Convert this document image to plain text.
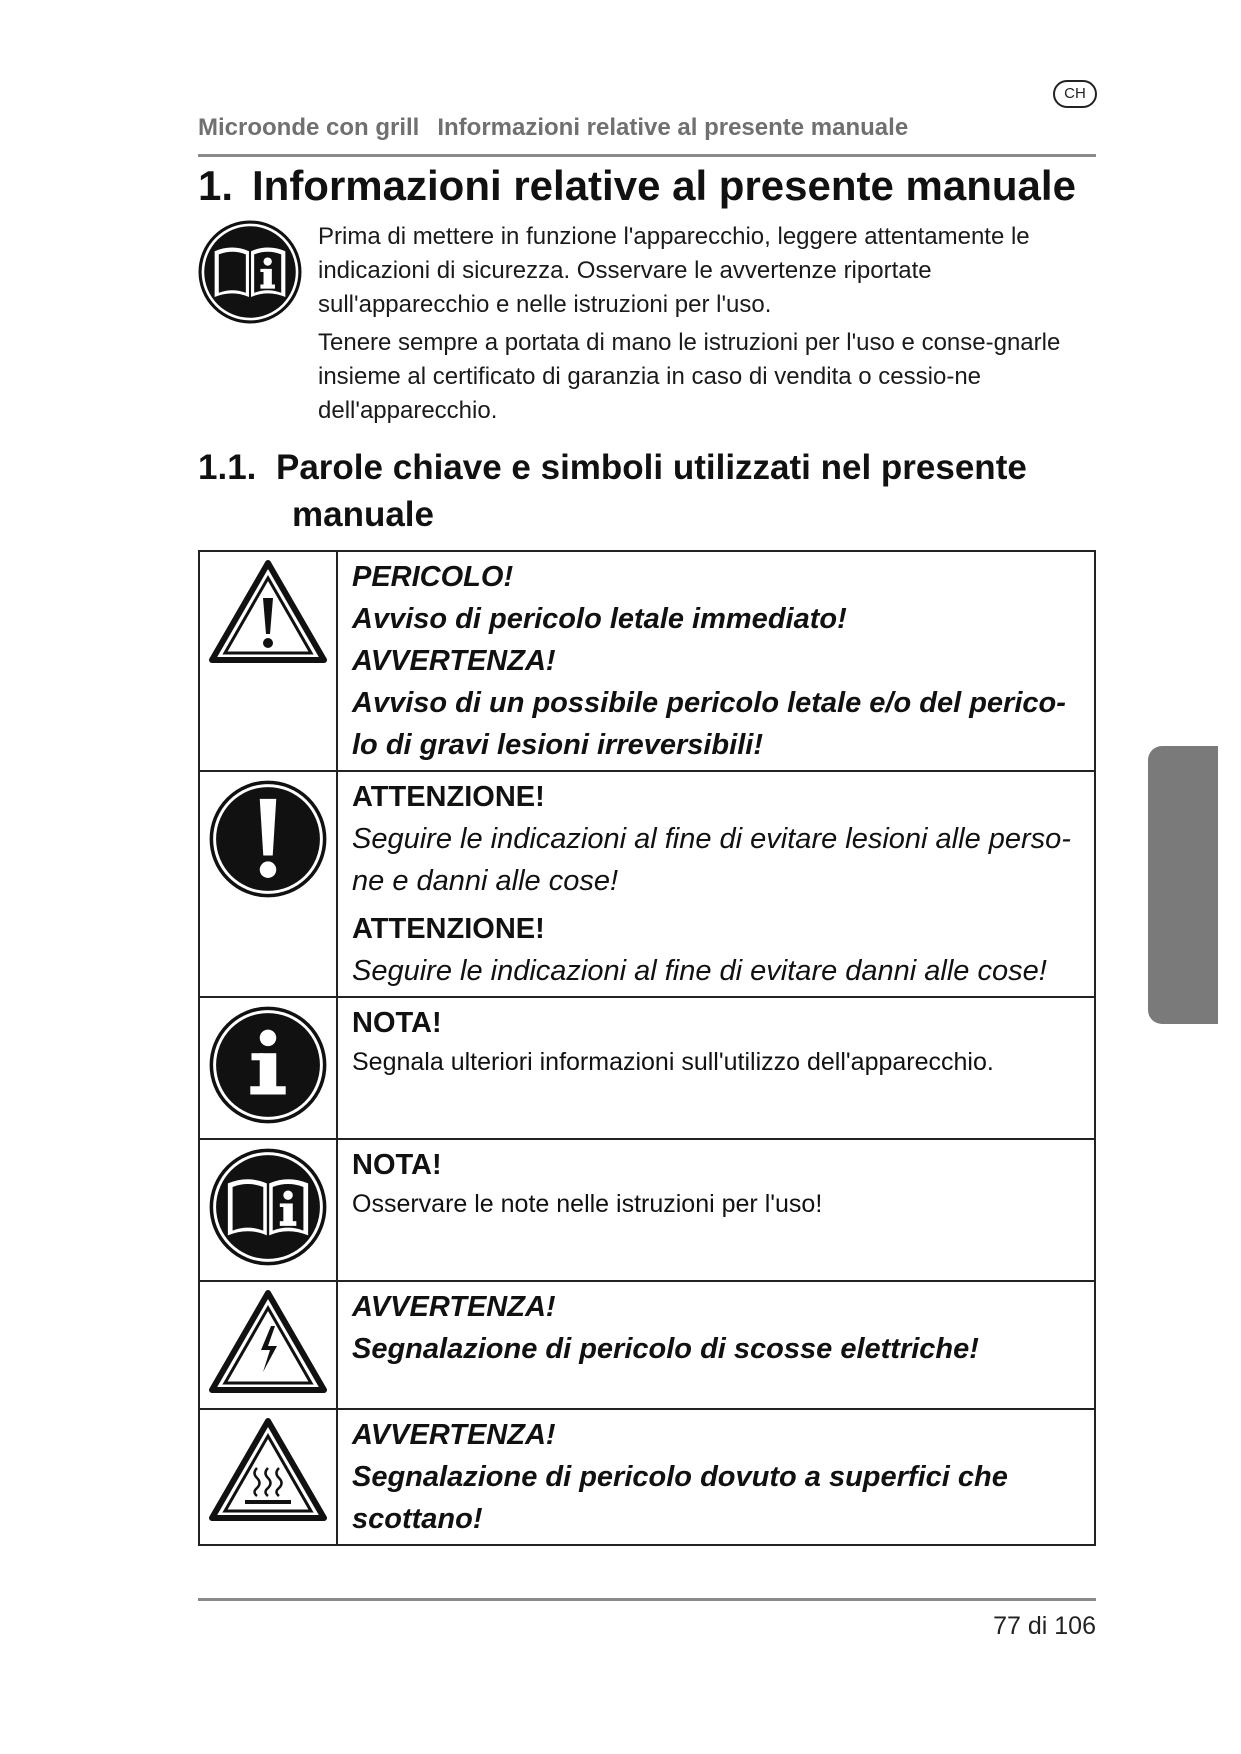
CH
Microonde con grill Informazioni relative al presente manuale
1. Informazioni relative al presente manuale

Prima di mettere in funzione l'apparecchio, leggere attentamente le indicazioni di sicurezza. Osservare le avvertenze riportate sull'apparecchio e nelle istruzioni per l'uso.

Tenere sempre a portata di mano le istruzioni per l'uso e conse-gnarle insieme al certificato di garanzia in caso di vendita o cessio-ne dell'apparecchio.

1.1. Parole chiave e simboli utilizzati nel presente
manuale

PERICOLO!
Avviso di pericolo letale immediato!
AVVERTENZA!
Avviso di un possibile pericolo letale e/o del perico-lo di gravi lesioni irreversibili!

ATTENZIONE!
Seguire le indicazioni al fine di evitare lesioni alle perso-ne e danni alle cose!
ATTENZIONE!
Seguire le indicazioni al fine di evitare danni alle cose!

NOTA!
Segnala ulteriori informazioni sull'utilizzo dell'apparecchio.

NOTA!
Osservare le note nelle istruzioni per l'uso!

AVVERTENZA!
Segnalazione di pericolo di scosse elettriche!

AVVERTENZA!
Segnalazione di pericolo dovuto a superfici che scottano!
77 di 106
